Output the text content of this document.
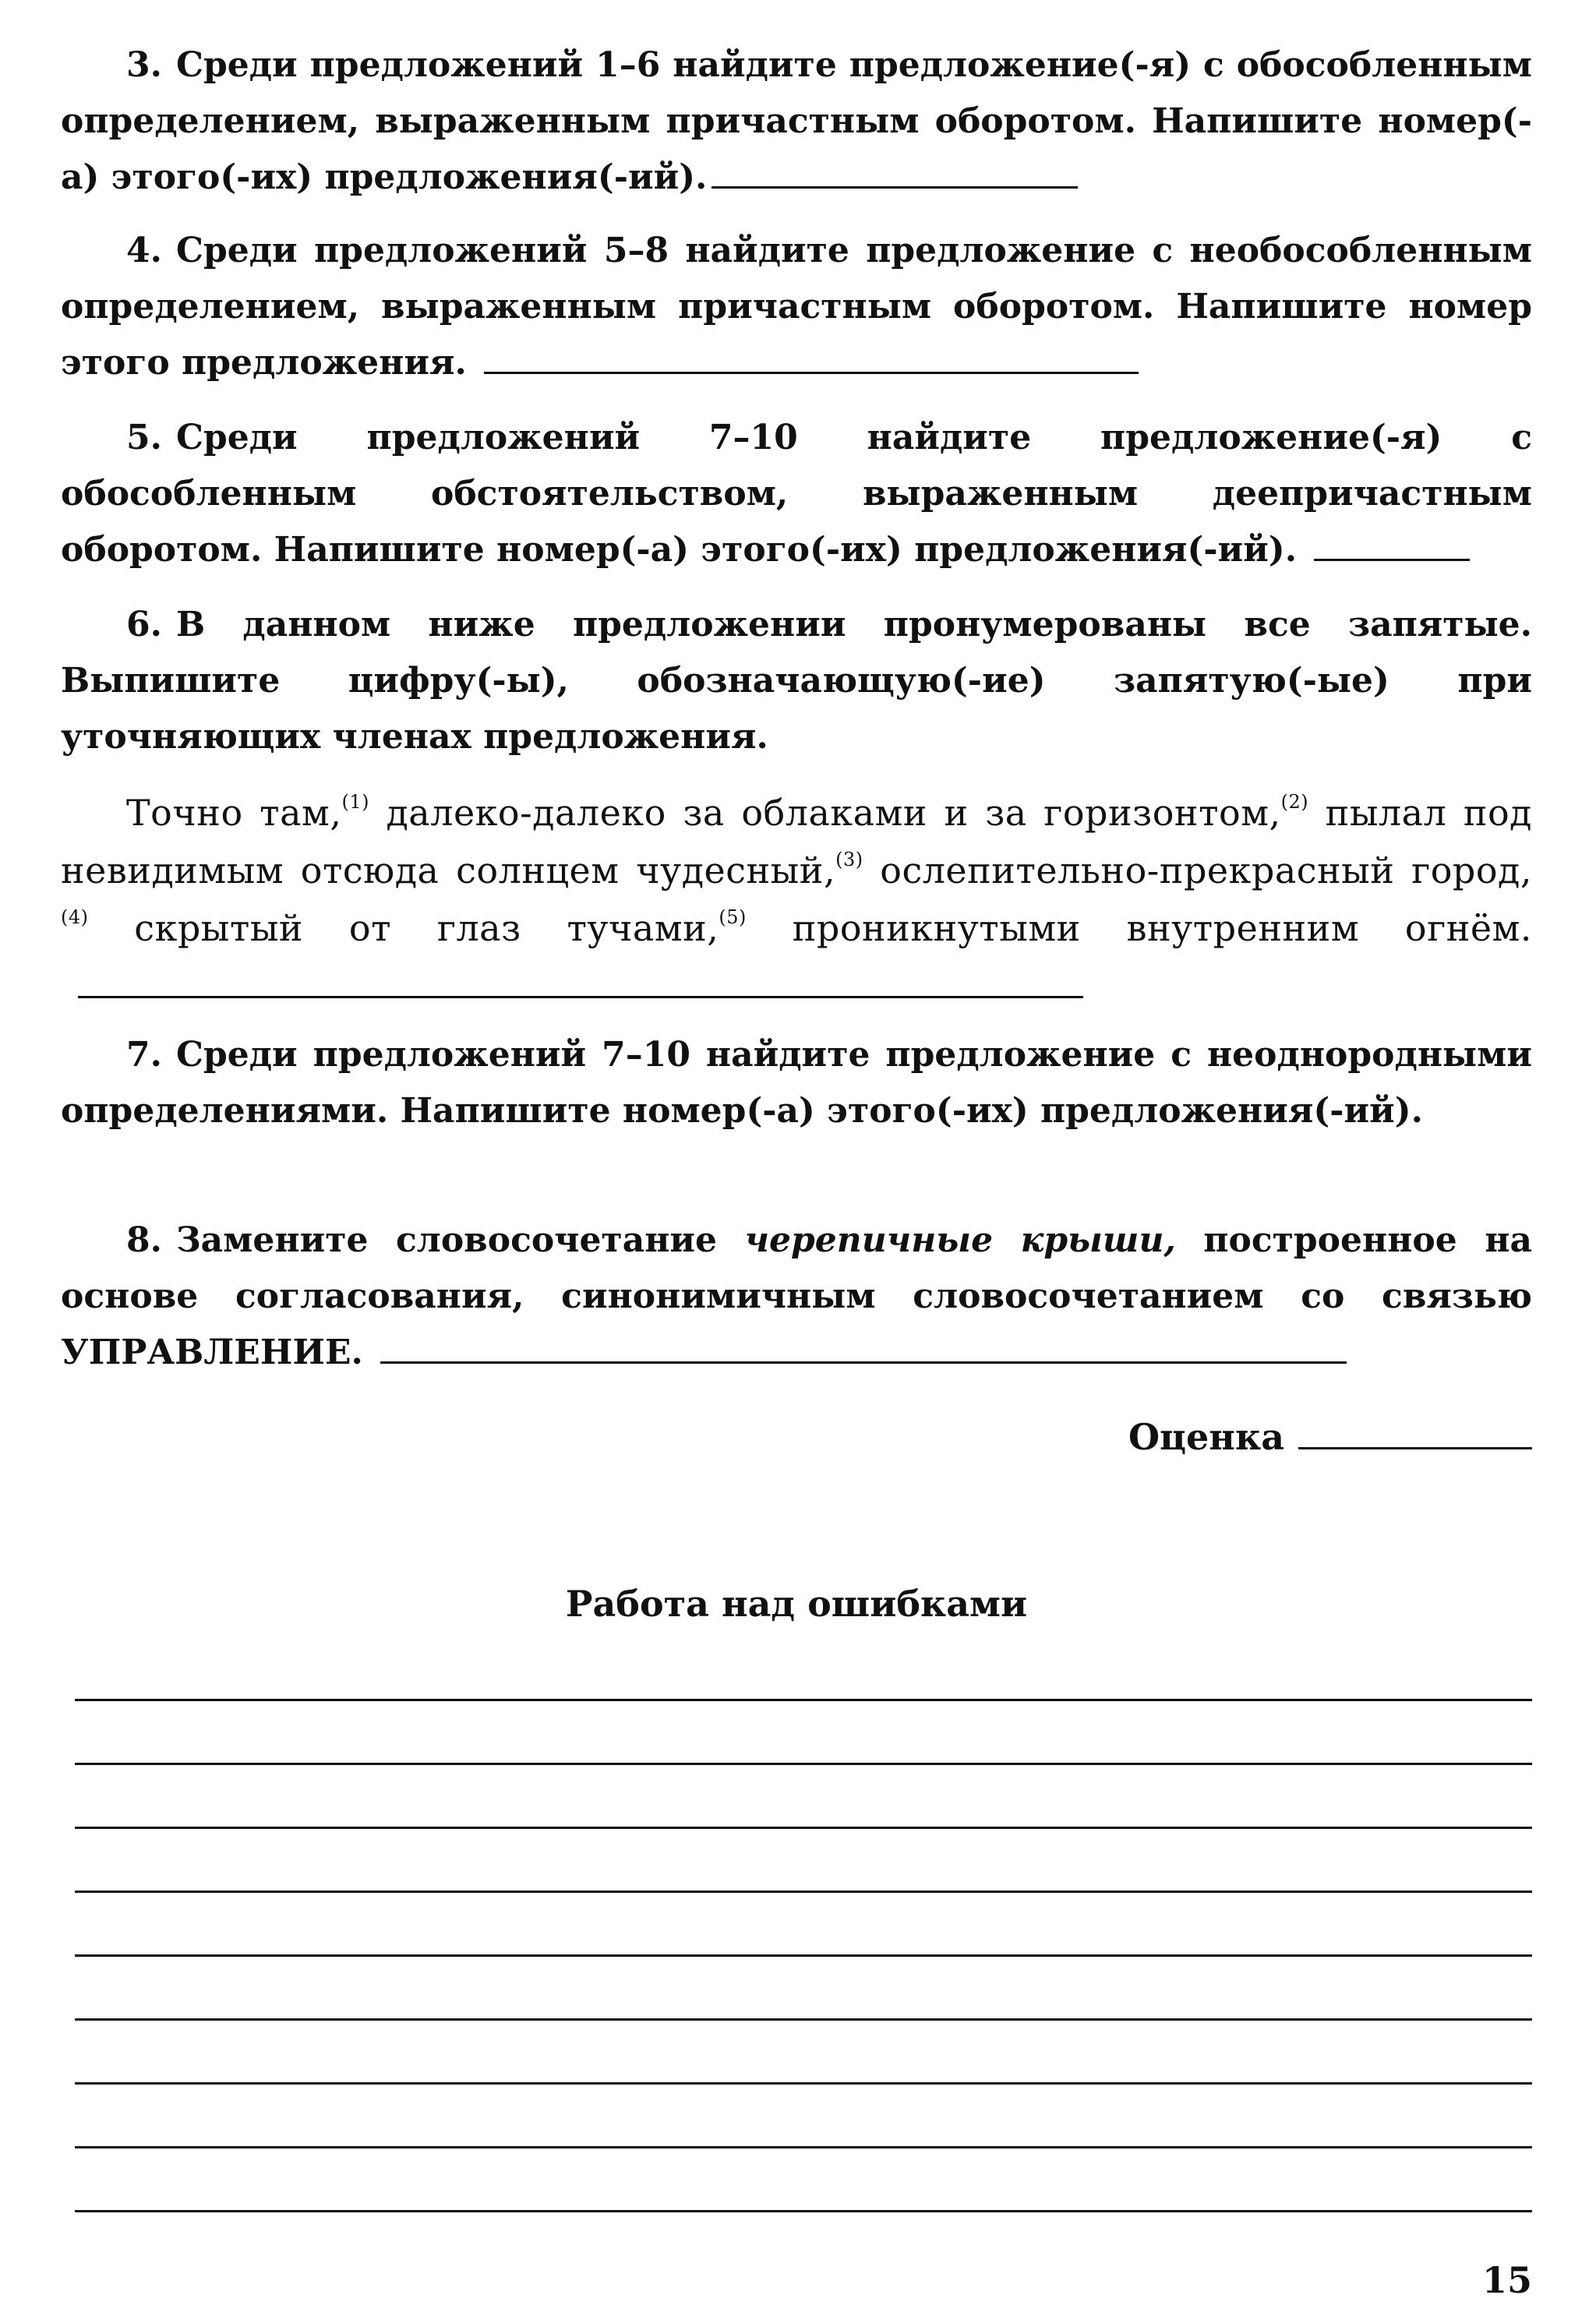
3. Среди предложений 1–6 найдите предложение(-я) с обособленным определением, выраженным причастным оборотом. Напишите номер(-а) этого(-их) предложения(-ий).

4. Среди предложений 5–8 найдите предложение с необособленным определением, выраженным причастным оборотом. Напишите номер этого предложения.

5. Среди предложений 7–10 найдите предложение(-я) с обособленным обстоятельством, выраженным деепричастным оборотом. Напишите номер(-а) этого(-их) предложения(-ий).

6. В данном ниже предложении пронумерованы все запятые. Выпишите цифру(-ы), обозначающую(-ие) запятую(-ые) при уточняющих членах предложения.

Точно там,$^{(1)}$ далеко-далеко за облаками и за горизонтом,$^{(2)}$ пылал под невидимым отсюда солнцем чудесный,$^{(3)}$ ослепительно-прекрасный город,$^{(4)}$ скрытый от глаз тучами,$^{(5)}$ проникнутыми внутренним огнём.

7. Среди предложений 7–10 найдите предложение с неоднородными определениями. Напишите номер(-а) этого(-их) предложения(-ий).

8. Замените словосочетание черепичные крыши, построенное на основе согласования, синонимичным словосочетанием со связью УПРАВЛЕНИЕ.

Оценка
Работа над ошибками
15
